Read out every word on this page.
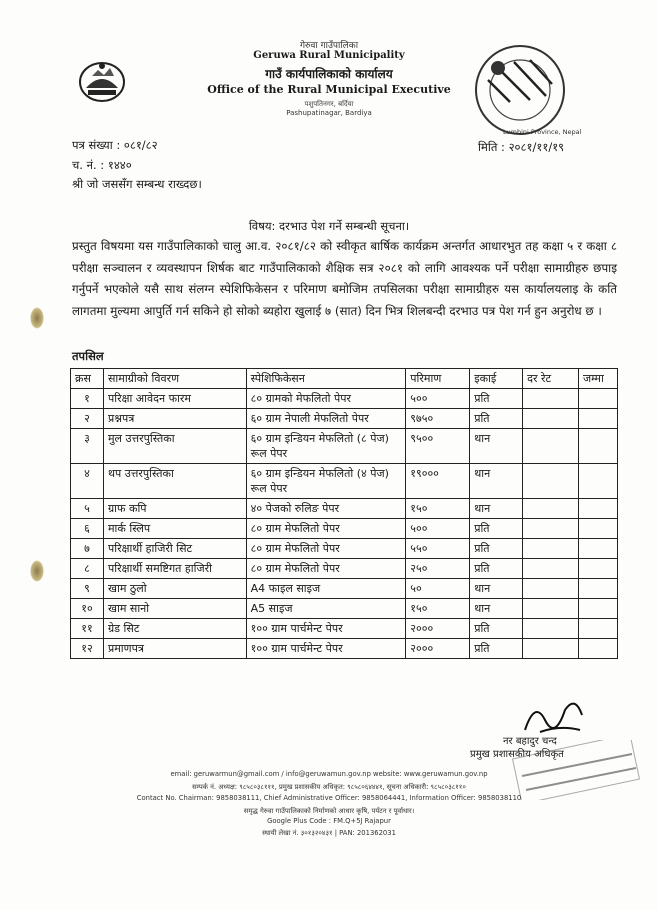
गेरुवा गाउँपालिका
Geruwa Rural Municipality
गाउँ कार्यपालिकाको कार्यालय
Office of the Rural Municipal Executive
पशुपतिनगर, बर्दिया
Pashupatinagar, Bardiya
Lumbini Province, Nepal
पत्र संख्या : ०८१/८२
च. नं. : १४४०
श्री जो जससँग सम्बन्ध राख्दछ।
मिति : २०८१/११/१९
विषय: दरभाउ पेश गर्ने सम्बन्धी सूचना।
प्रस्तुत विषयमा यस गाउँपालिकाको चालु आ.व. २०८१/८२ को स्वीकृत बार्षिक कार्यक्रम अन्तर्गत आधारभुत तह कक्षा ५ र कक्षा ८ परीक्षा सञ्चालन र व्यवस्थापन शिर्षक बाट गाउँपालिकाको शैक्षिक सत्र २०८१ को लागि आवश्यक पर्ने परीक्षा सामाग्रीहरु छपाइ गर्नुपर्ने भएकोले यसै साथ संलग्न स्पेशिफिकेसन र परिमाण बमोजिम तपसिलका परीक्षा सामाग्रीहरु यस कार्यालयलाइ के कति लागतमा मुल्यमा आपुर्ति गर्न सकिने हो सोको ब्यहोरा खुलाई ७ (सात) दिन भित्र शिलबन्दी दरभाउ पत्र पेश गर्न हुन अनुरोध छ ।
तपसिल
क्रस	सामाग्रीको विवरण	स्पेशिफिकेसन	परिमाण	इकाई	दर रेट	जम्मा
१	परिक्षा आवेदन फारम	८० ग्रामको मेफलितो पेपर	५००	प्रति		
२	प्रश्नपत्र	६० ग्राम नेपाली मेफलितो पेपर	९७५०	प्रति		
३	मुल उत्तरपुस्तिका	६० ग्राम इन्डियन मेफलितो (८ पेज) रूल पेपर	९५००	थान		
४	थप उत्तरपुस्तिका	६० ग्राम इन्डियन मेफलितो (४ पेज) रूल पेपर	१९०००	थान		
५	ग्राफ कपि	४० पेजको रुलिङ पेपर	१५०	थान		
६	मार्क स्लिप	८० ग्राम मेफलितो पेपर	५००	प्रति		
७	परिक्षार्थी हाजिरी सिट	८० ग्राम मेफलितो पेपर	५५०	प्रति		
८	परिक्षार्थी समष्टिगत हाजिरी	८० ग्राम मेफलितो पेपर	२५०	प्रति		
९	खाम ठुलो	A4 फाइल साइज	५०	थान		
१०	खाम सानो	A5 साइज	१५०	थान		
११	ग्रेड सिट	१०० ग्राम पार्चमेन्ट पेपर	२०००	प्रति		
१२	प्रमाणपत्र	१०० ग्राम पार्चमेन्ट पेपर	२०००	प्रति		
नर बहादुर चन्द
प्रमुख प्रशासकीय अधिकृत
email: geruwarmun@gmail.com / info@geruwamun.gov.np website: www.geruwamun.gov.np
सम्पर्क नं. अध्यक्ष: ९८५८०३८१११, प्रमुख प्रशासकीय अधिकृत: ९८५८०६४४४१, सूचना अधिकारी: ९८५८०३८११०
Contact No. Chairman: 9858038111, Chief Administrative Officer: 9858064441, Information Officer: 9858038110
समृद्ध गेरुवा गाउँपालिकाको निर्माणको आधार कृषि, पर्यटन र पूर्वाधार।
Google Plus Code : FM.Q+5J Rajapur
स्थायी लेखा नं. ३०१३२०४३१ | PAN: 201362031
